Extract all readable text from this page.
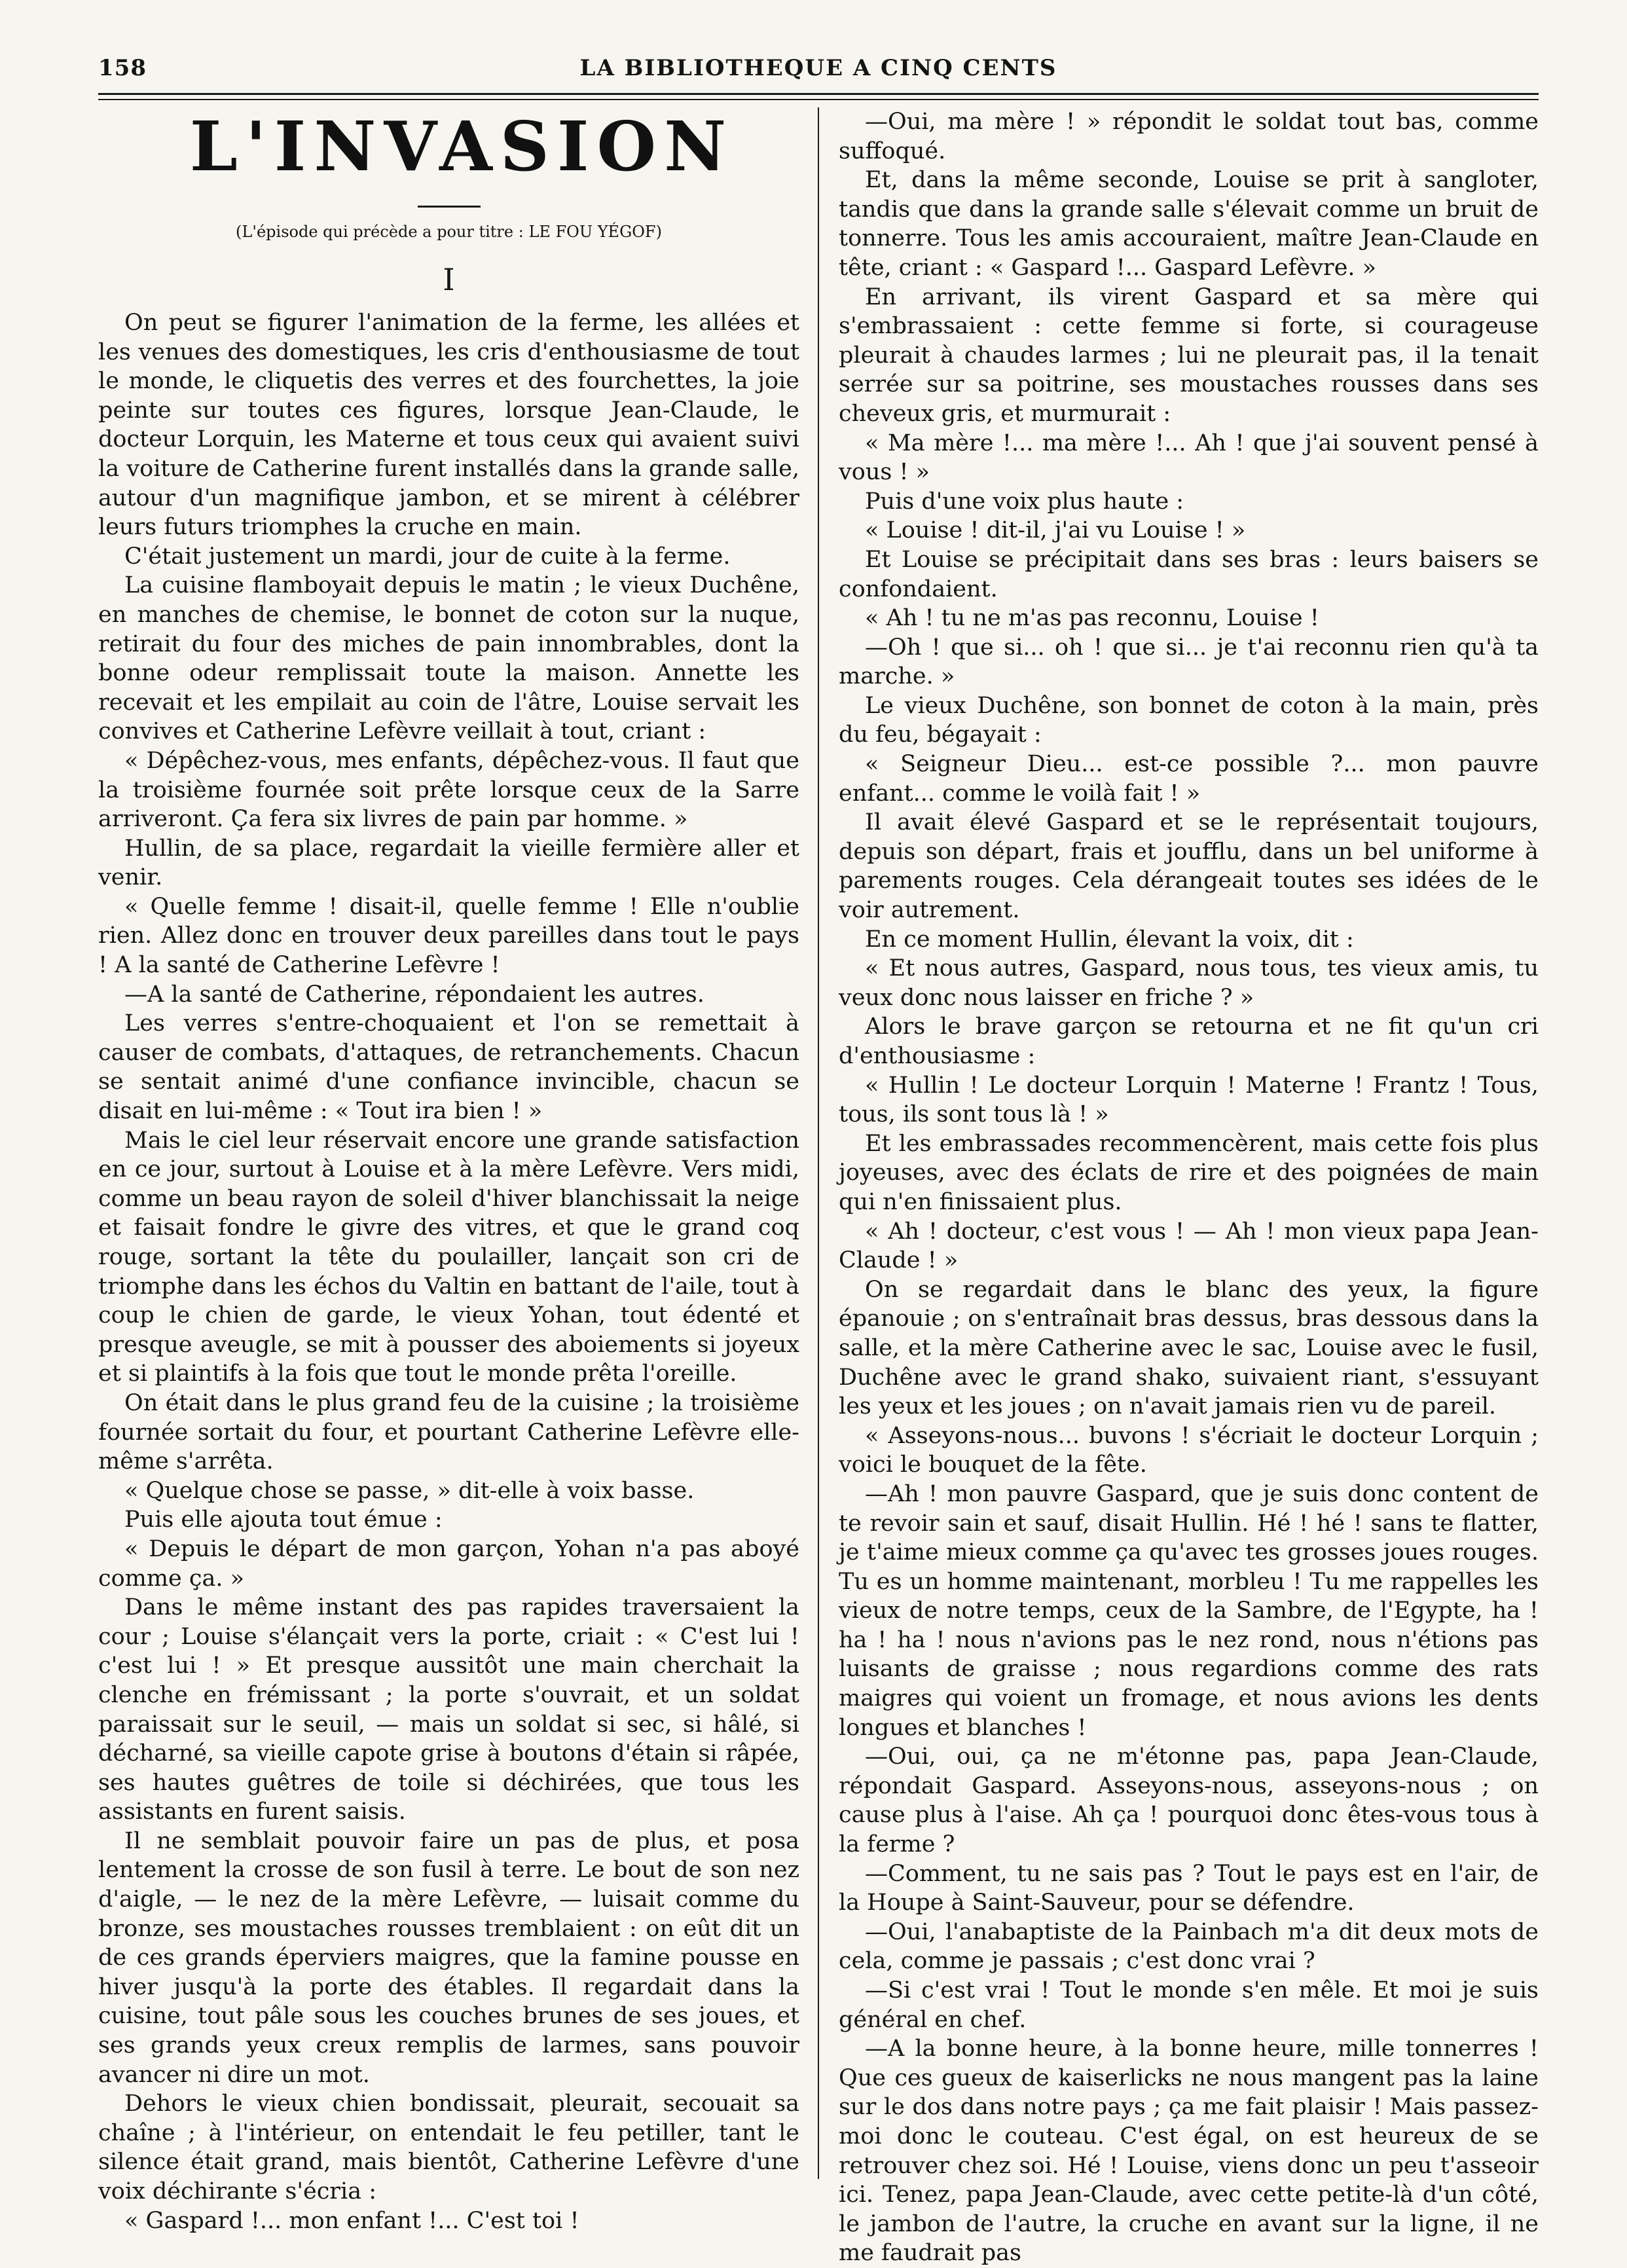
158	LA BIBLIOTHEQUE A CINQ CENTS

L'INVASION

(L'épisode qui précède a pour titre : LE FOU YÉGOF)

I

On peut se figurer l'animation de la ferme, les allées et les venues des domestiques, les cris d'enthousiasme de tout le monde, le cliquetis des verres et des fourchettes, la joie peinte sur toutes ces figures, lorsque Jean-Claude, le docteur Lorquin, les Materne et tous ceux qui avaient suivi la voiture de Catherine furent installés dans la grande salle, autour d'un magnifique jambon, et se mirent à célébrer leurs futurs triomphes la cruche en main.

C'était justement un mardi, jour de cuite à la ferme.

La cuisine flamboyait depuis le matin ; le vieux Duchêne, en manches de chemise, le bonnet de coton sur la nuque, retirait du four des miches de pain innombrables, dont la bonne odeur remplissait toute la maison. Annette les recevait et les empilait au coin de l'âtre, Louise servait les convives et Catherine Lefèvre veillait à tout, criant :

« Dépêchez-vous, mes enfants, dépêchez-vous. Il faut que la troisième fournée soit prête lorsque ceux de la Sarre arriveront. Ça fera six livres de pain par homme. »

Hullin, de sa place, regardait la vieille fermière aller et venir.

« Quelle femme ! disait-il, quelle femme ! Elle n'oublie rien. Allez donc en trouver deux pareilles dans tout le pays ! A la santé de Catherine Lefèvre !

—A la santé de Catherine, répondaient les autres.

Les verres s'entre-choquaient et l'on se remettait à causer de combats, d'attaques, de retranchements. Chacun se sentait animé d'une confiance invincible, chacun se disait en lui-même : « Tout ira bien ! »

Mais le ciel leur réservait encore une grande satisfaction en ce jour, surtout à Louise et à la mère Lefèvre. Vers midi, comme un beau rayon de soleil d'hiver blanchissait la neige et faisait fondre le givre des vitres, et que le grand coq rouge, sortant la tête du poulailler, lançait son cri de triomphe dans les échos du Valtin en battant de l'aile, tout à coup le chien de garde, le vieux Yohan, tout édenté et presque aveugle, se mit à pousser des aboiements si joyeux et si plaintifs à la fois que tout le monde prêta l'oreille.

On était dans le plus grand feu de la cuisine ; la troisième fournée sortait du four, et pourtant Catherine Lefèvre elle-même s'arrêta.

« Quelque chose se passe, » dit-elle à voix basse.

Puis elle ajouta tout émue :

« Depuis le départ de mon garçon, Yohan n'a pas aboyé comme ça. »

Dans le même instant des pas rapides traversaient la cour ; Louise s'élançait vers la porte, criait : « C'est lui ! c'est lui ! » Et presque aussitôt une main cherchait la clenche en frémissant ; la porte s'ouvrait, et un soldat paraissait sur le seuil, — mais un soldat si sec, si hâlé, si décharné, sa vieille capote grise à boutons d'étain si râpée, ses hautes guêtres de toile si déchirées, que tous les assistants en furent saisis.

Il ne semblait pouvoir faire un pas de plus, et posa lentement la crosse de son fusil à terre. Le bout de son nez d'aigle, — le nez de la mère Lefèvre, — luisait comme du bronze, ses moustaches rousses tremblaient : on eût dit un de ces grands éperviers maigres, que la famine pousse en hiver jusqu'à la porte des étables. Il regardait dans la cuisine, tout pâle sous les couches brunes de ses joues, et ses grands yeux creux remplis de larmes, sans pouvoir avancer ni dire un mot.

Dehors le vieux chien bondissait, pleurait, secouait sa chaîne ; à l'intérieur, on entendait le feu petiller, tant le silence était grand, mais bientôt, Catherine Lefèvre d'une voix déchirante s'écria :

« Gaspard !... mon enfant !... C'est toi !

—Oui, ma mère ! » répondit le soldat tout bas, comme suffoqué.

Et, dans la même seconde, Louise se prit à sangloter, tandis que dans la grande salle s'élevait comme un bruit de tonnerre. Tous les amis accouraient, maître Jean-Claude en tête, criant : « Gaspard !... Gaspard Lefèvre. »

En arrivant, ils virent Gaspard et sa mère qui s'embrassaient : cette femme si forte, si courageuse pleurait à chaudes larmes ; lui ne pleurait pas, il la tenait serrée sur sa poitrine, ses moustaches rousses dans ses cheveux gris, et murmurait :

« Ma mère !... ma mère !... Ah ! que j'ai souvent pensé à vous ! »

Puis d'une voix plus haute :

« Louise ! dit-il, j'ai vu Louise ! »

Et Louise se précipitait dans ses bras : leurs baisers se confondaient.

« Ah ! tu ne m'as pas reconnu, Louise !

—Oh ! que si... oh ! que si... je t'ai reconnu rien qu'à ta marche. »

Le vieux Duchêne, son bonnet de coton à la main, près du feu, bégayait :

« Seigneur Dieu... est-ce possible ?... mon pauvre enfant... comme le voilà fait ! »

Il avait élevé Gaspard et se le représentait toujours, depuis son départ, frais et joufflu, dans un bel uniforme à parements rouges. Cela dérangeait toutes ses idées de le voir autrement.

En ce moment Hullin, élevant la voix, dit :

« Et nous autres, Gaspard, nous tous, tes vieux amis, tu veux donc nous laisser en friche ? »

Alors le brave garçon se retourna et ne fit qu'un cri d'enthousiasme :

« Hullin ! Le docteur Lorquin ! Materne ! Frantz ! Tous, tous, ils sont tous là ! »

Et les embrassades recommencèrent, mais cette fois plus joyeuses, avec des éclats de rire et des poignées de main qui n'en finissaient plus.

« Ah ! docteur, c'est vous ! — Ah ! mon vieux papa Jean-Claude ! »

On se regardait dans le blanc des yeux, la figure épanouie ; on s'entraînait bras dessus, bras dessous dans la salle, et la mère Catherine avec le sac, Louise avec le fusil, Duchêne avec le grand shako, suivaient riant, s'essuyant les yeux et les joues ; on n'avait jamais rien vu de pareil.

« Asseyons-nous... buvons ! s'écriait le docteur Lorquin ; voici le bouquet de la fête.

—Ah ! mon pauvre Gaspard, que je suis donc content de te revoir sain et sauf, disait Hullin. Hé ! hé ! sans te flatter, je t'aime mieux comme ça qu'avec tes grosses joues rouges. Tu es un homme maintenant, morbleu ! Tu me rappelles les vieux de notre temps, ceux de la Sambre, de l'Egypte, ha ! ha ! ha ! nous n'avions pas le nez rond, nous n'étions pas luisants de graisse ; nous regardions comme des rats maigres qui voient un fromage, et nous avions les dents longues et blanches !

—Oui, oui, ça ne m'étonne pas, papa Jean-Claude, répondait Gaspard. Asseyons-nous, asseyons-nous ; on cause plus à l'aise. Ah ça ! pourquoi donc êtes-vous tous à la ferme ?

—Comment, tu ne sais pas ? Tout le pays est en l'air, de la Houpe à Saint-Sauveur, pour se défendre.

—Oui, l'anabaptiste de la Painbach m'a dit deux mots de cela, comme je passais ; c'est donc vrai ?

—Si c'est vrai ! Tout le monde s'en mêle. Et moi je suis général en chef.

—A la bonne heure, à la bonne heure, mille tonnerres ! Que ces gueux de kaiserlicks ne nous mangent pas la laine sur le dos dans notre pays ; ça me fait plaisir ! Mais passez-moi donc le couteau. C'est égal, on est heureux de se retrouver chez soi. Hé ! Louise, viens donc un peu t'asseoir ici. Tenez, papa Jean-Claude, avec cette petite-là d'un côté, le jambon de l'autre, la cruche en avant sur la ligne, il ne me faudrait pas
